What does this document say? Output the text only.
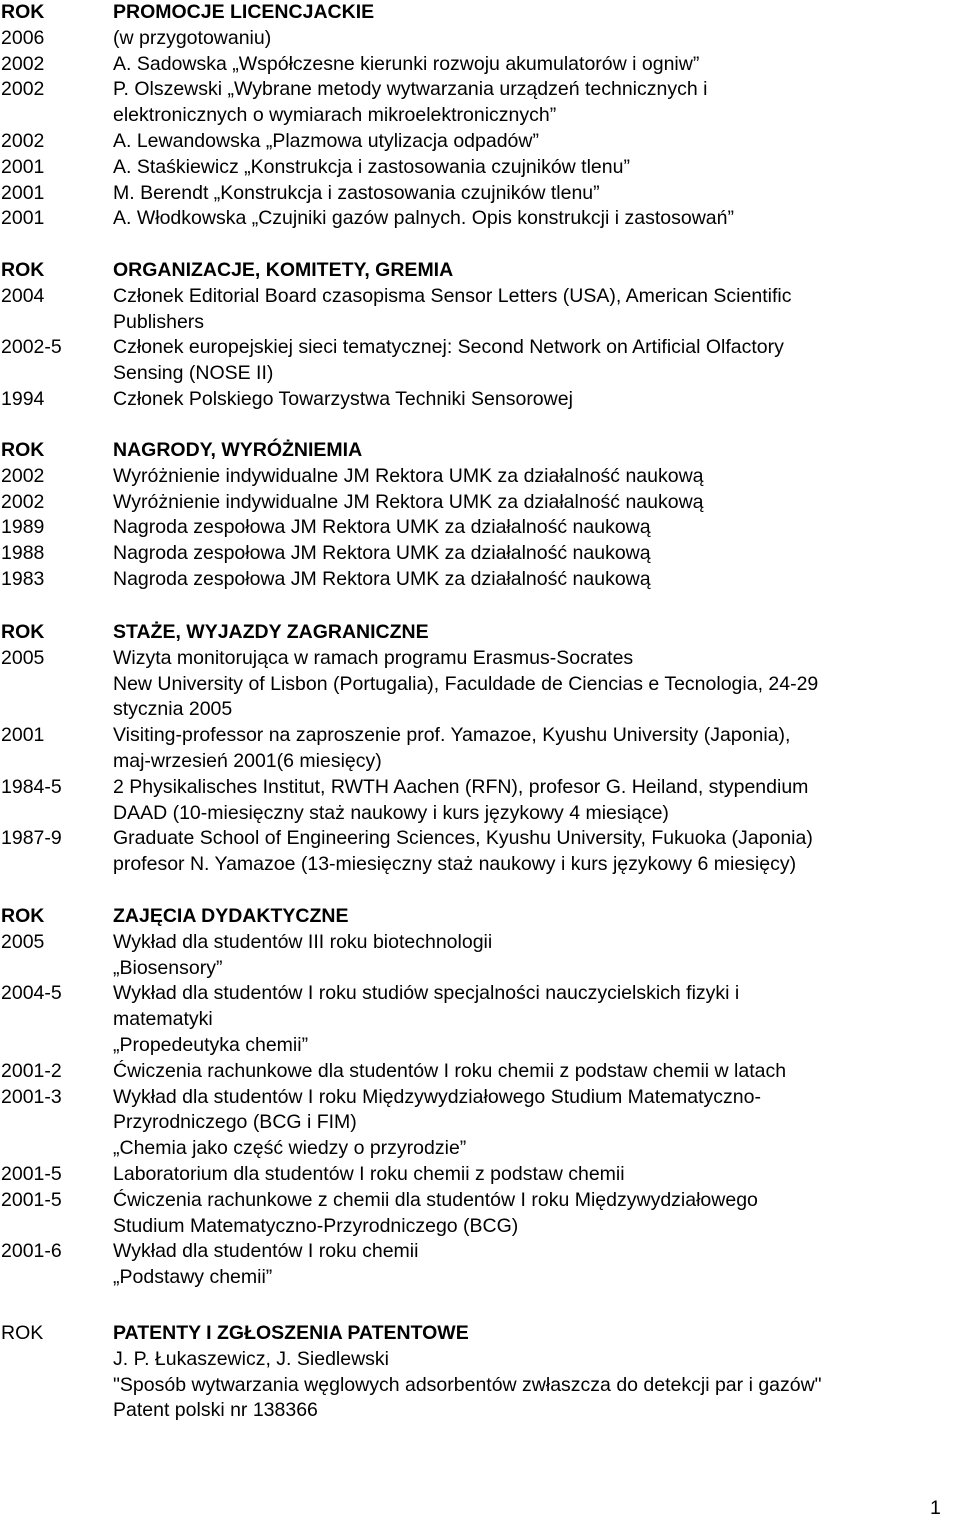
ROK	PROMOCJE LICENCJACKIE
2006	(w przygotowaniu)
2002	A. Sadowska „Współczesne kierunki rozwoju akumulatorów i ogniw”
2002	P. Olszewski „Wybrane metody wytwarzania urządzeń technicznych i
elektronicznych o wymiarach mikroelektronicznych”
2002	A. Lewandowska „Plazmowa utylizacja odpadów”
2001	A. Staśkiewicz „Konstrukcja i zastosowania czujników tlenu”
2001	M. Berendt „Konstrukcja i zastosowania czujników tlenu”
2001	A. Włodkowska „Czujniki gazów palnych. Opis konstrukcji i zastosowań”
ROK	ORGANIZACJE, KOMITETY, GREMIA
2004	Członek Editorial Board czasopisma Sensor Letters (USA), American Scientific
Publishers
2002-5	Członek europejskiej sieci tematycznej: Second Network on Artificial Olfactory
Sensing (NOSE II)
1994	Członek Polskiego Towarzystwa Techniki Sensorowej
ROK	NAGRODY, WYRÓŻNIEMIA
2002	Wyróżnienie indywidualne JM Rektora UMK za działalność naukową
2002	Wyróżnienie indywidualne JM Rektora UMK za działalność naukową
1989	Nagroda zespołowa JM Rektora UMK za działalność naukową
1988	Nagroda zespołowa JM Rektora UMK za działalność naukową
1983	Nagroda zespołowa JM Rektora UMK za działalność naukową
ROK	STAŻE, WYJAZDY ZAGRANICZNE
2005	Wizyta monitorująca w ramach programu Erasmus-Socrates
New University of Lisbon (Portugalia), Faculdade de Ciencias e Tecnologia, 24-29
stycznia 2005
2001	Visiting-professor na zaproszenie prof. Yamazoe, Kyushu University (Japonia),
maj-wrzesień 2001(6 miesięcy)
1984-5	2 Physikalisches Institut, RWTH Aachen (RFN), profesor G. Heiland, stypendium
DAAD (10-miesięczny staż naukowy i kurs językowy 4 miesiące)
1987-9	Graduate School of Engineering Sciences, Kyushu University, Fukuoka (Japonia)
profesor N. Yamazoe (13-miesięczny staż naukowy i kurs językowy 6 miesięcy)
ROK	ZAJĘCIA DYDAKTYCZNE
2005	Wykład dla studentów III roku biotechnologii
„Biosensory”
2004-5	Wykład dla studentów I roku studiów specjalności nauczycielskich fizyki i
matematyki
„Propedeutyka chemii”
2001-2	Ćwiczenia rachunkowe dla studentów I roku chemii z podstaw chemii w latach
2001-3	Wykład dla studentów I roku Międzywydziałowego Studium Matematyczno-
Przyrodniczego (BCG i FIM)
„Chemia jako część wiedzy o przyrodzie”
2001-5	Laboratorium dla studentów I roku chemii z podstaw chemii
2001-5	Ćwiczenia rachunkowe z chemii dla studentów I roku Międzywydziałowego
Studium Matematyczno-Przyrodniczego (BCG)
2001-6	Wykład dla studentów I roku chemii
„Podstawy chemii”
ROK	PATENTY I ZGŁOSZENIA PATENTOWE
J. P. Łukaszewicz, J. Siedlewski
"Sposób wytwarzania węglowych adsorbentów zwłaszcza do detekcji par i gazów"
Patent polski nr 138366
1
